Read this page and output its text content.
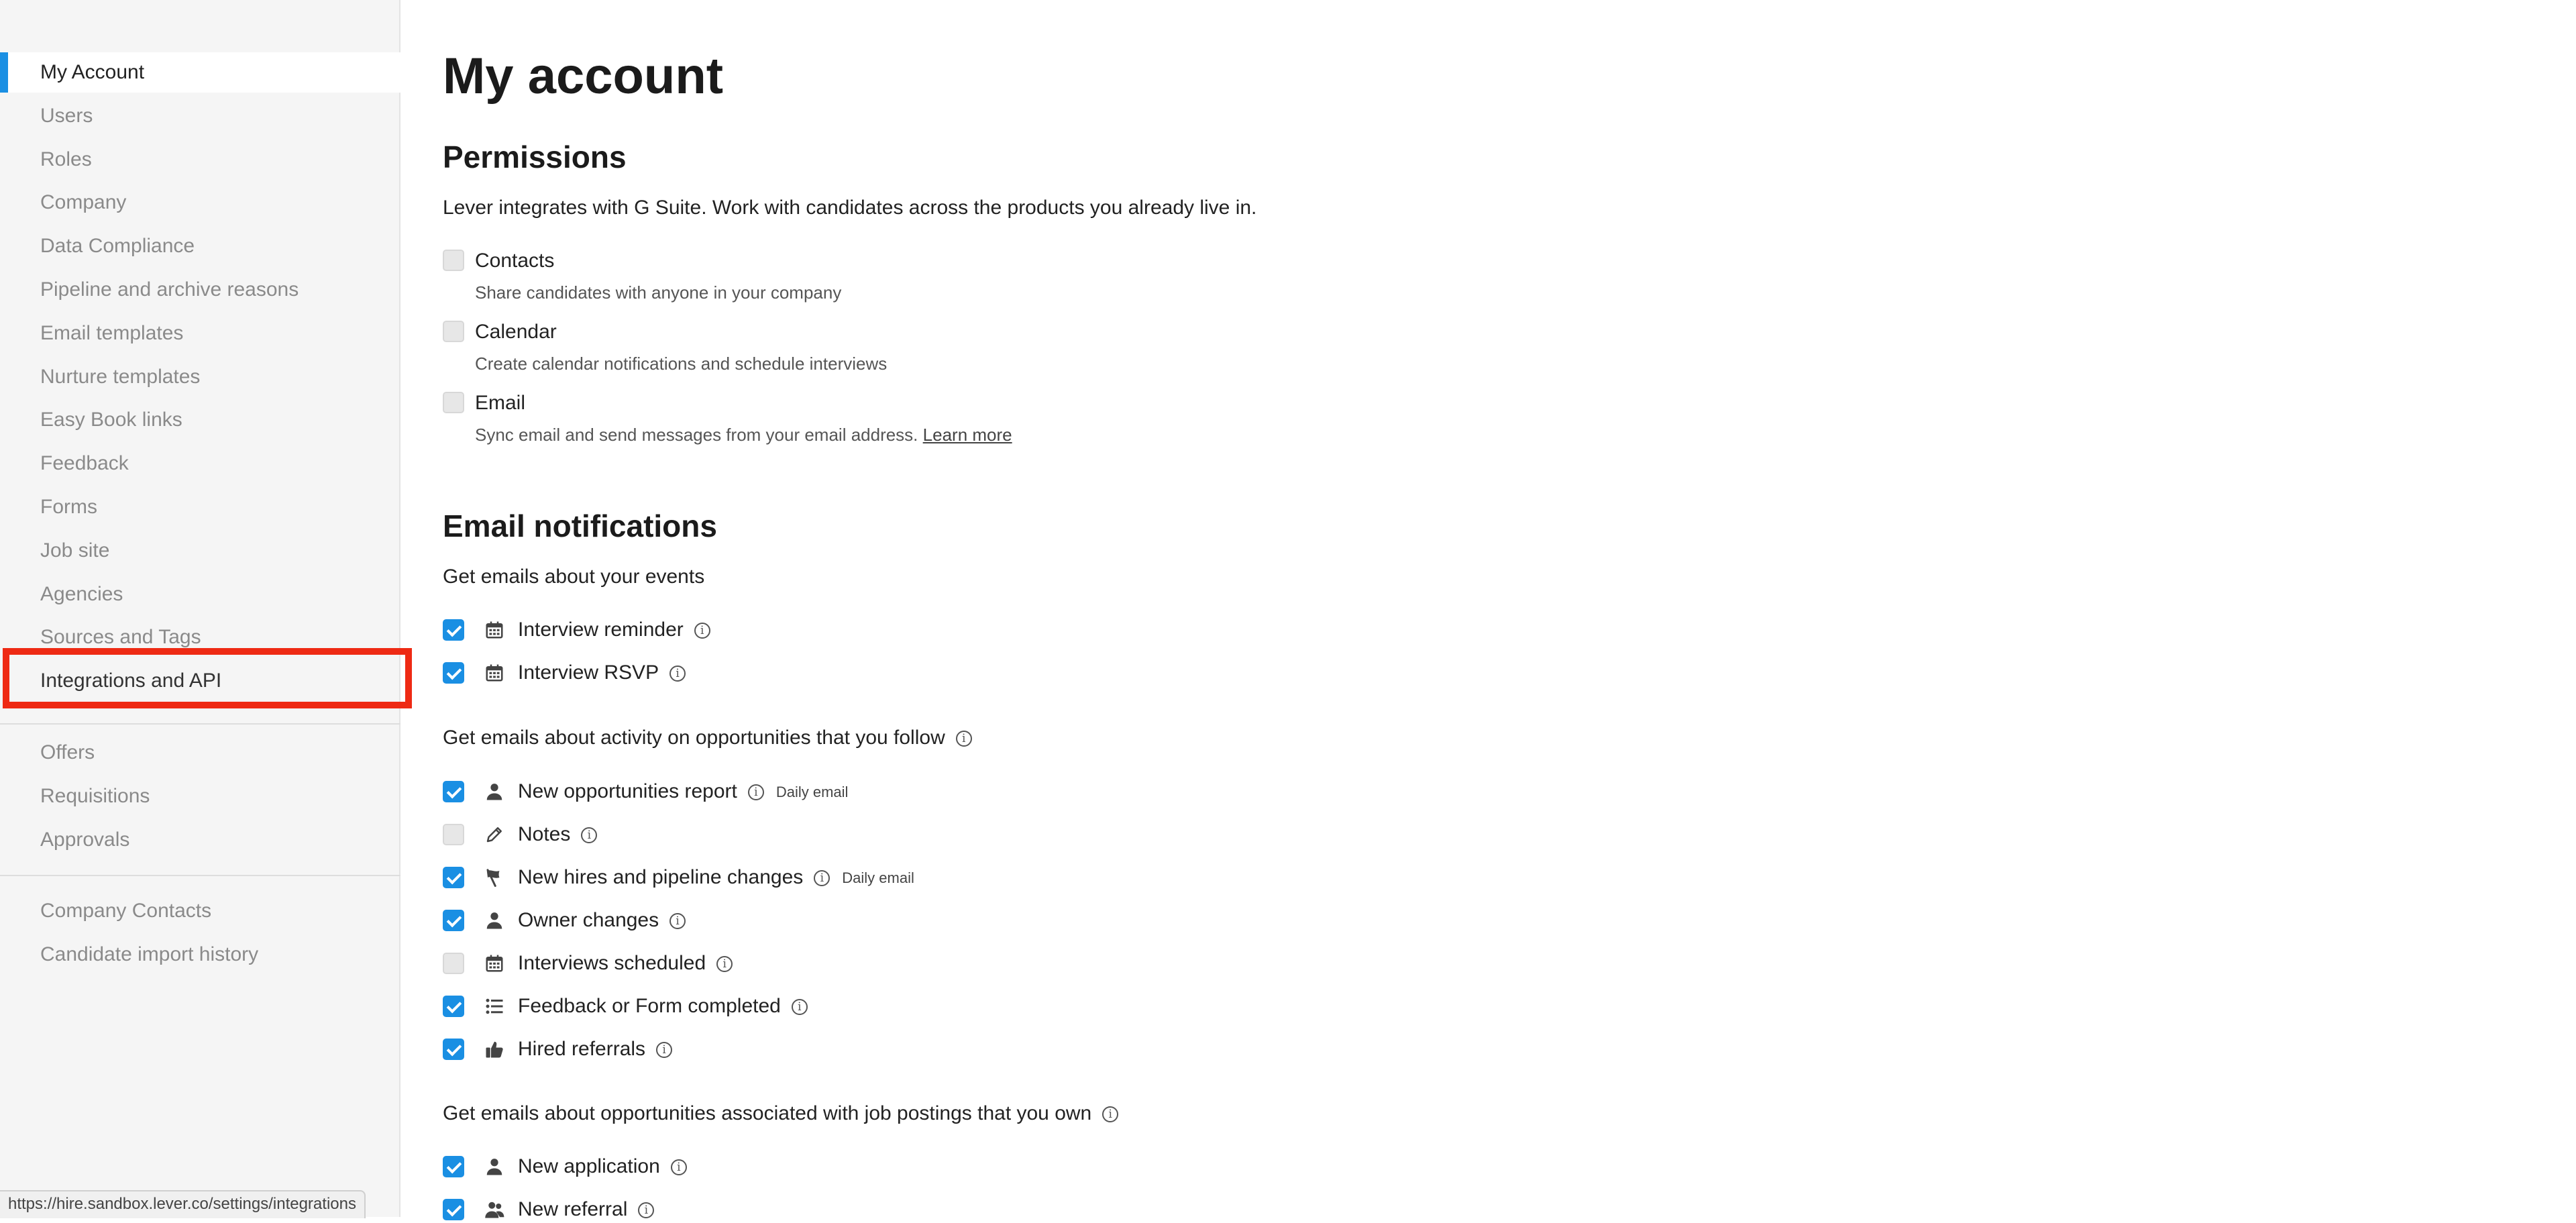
My Account
Users
Roles
Company
Data Compliance
Pipeline and archive reasons
Email templates
Nurture templates
Easy Book links
Feedback
Forms
Job site
Agencies
Sources and Tags
Integrations and API
Offers
Requisitions
Approvals
Company Contacts
Candidate import history
https://hire.sandbox.lever.co/settings/integrations
My account
Permissions
Lever integrates with G Suite. Work with candidates across the products you already live in.
Contacts
Share candidates with anyone in your company
Calendar
Create calendar notifications and schedule interviews
Email
Sync email and send messages from your email address. Learn more
Email notifications
Get emails about your events
Interview reminder i
Interview RSVP i
Get emails about activity on opportunities that you follow i
New opportunities report i Daily email
Notes i
New hires and pipeline changes i Daily email
Owner changes i
Interviews scheduled i
Feedback or Form completed i
Hired referrals i
Get emails about opportunities associated with job postings that you own i
New application i
New referral i
